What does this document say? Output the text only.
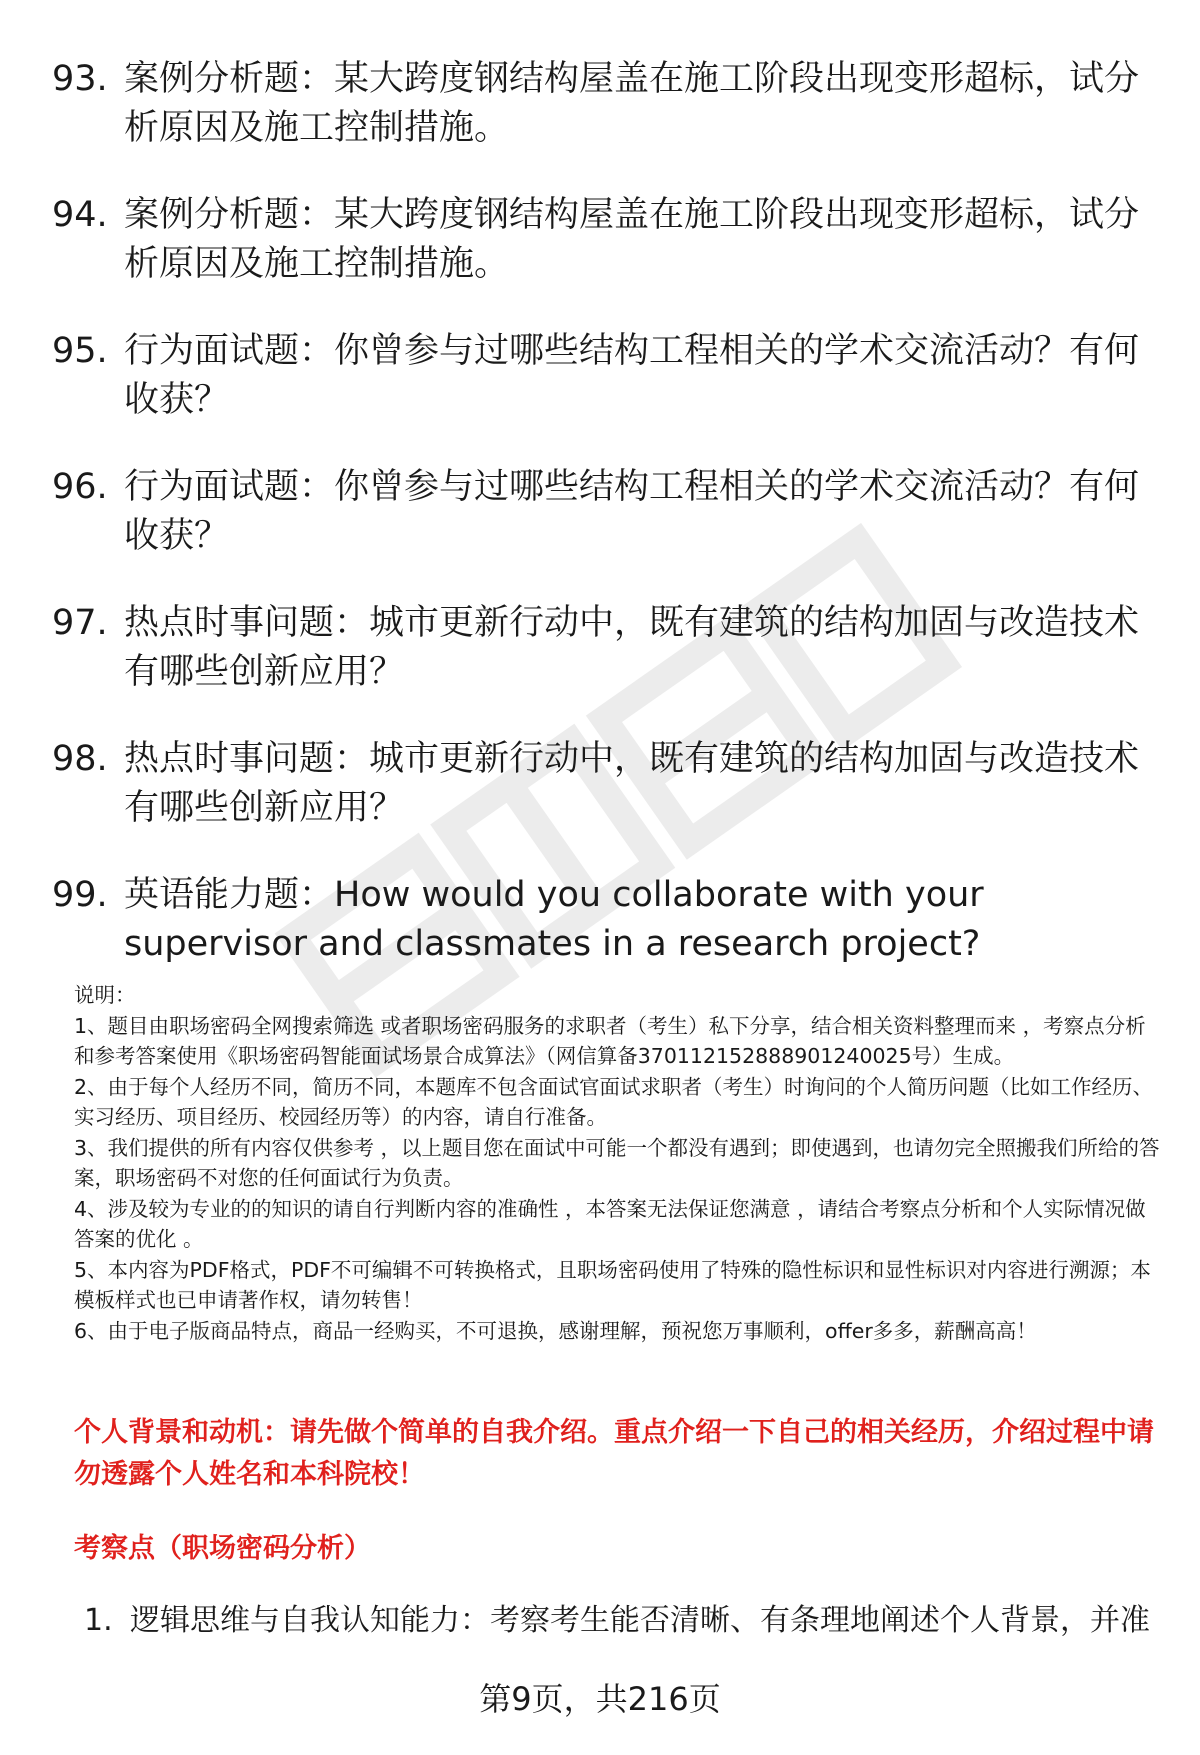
93. 案例分析题：某大跨度钢结构屋盖在施工阶段出现变形超标，试分析原因及施工控制措施。
94. 案例分析题：某大跨度钢结构屋盖在施工阶段出现变形超标，试分析原因及施工控制措施。
95. 行为面试题：你曾参与过哪些结构工程相关的学术交流活动？有何收获？
96. 行为面试题：你曾参与过哪些结构工程相关的学术交流活动？有何收获？
97. 热点时事问题：城市更新行动中，既有建筑的结构加固与改造技术有哪些创新应用？
98. 热点时事问题：城市更新行动中，既有建筑的结构加固与改造技术有哪些创新应用？
99. 英语能力题：How would you collaborate with your supervisor and classmates in a research project?

说明：

1、题目由职场密码全网搜索筛选 或者职场密码服务的求职者（考生）私下分享，结合相关资料整理而来 ，考察点分析和参考答案使用《职场密码智能面试场景合成算法》（网信算备370112152888901240025号）生成。

2、由于每个人经历不同，简历不同，本题库不包含面试官面试求职者（考生）时询问的个人简历问题（比如工作经历、实习经历、项目经历、校园经历等）的内容，请自行准备。

3、我们提供的所有内容仅供参考 ，以上题目您在面试中可能一个都没有遇到；即使遇到，也请勿完全照搬我们所给的答案，职场密码不对您的任何面试行为负责。

4、涉及较为专业的的知识的请自行判断内容的准确性 ，本答案无法保证您满意 ，请结合考察点分析和个人实际情况做答案的优化 。

5、本内容为PDF格式，PDF不可编辑不可转换格式，且职场密码使用了特殊的隐性标识和显性标识对内容进行溯源；本模板样式也已申请著作权，请勿转售！

6、由于电子版商品特点，商品一经购买，不可退换，感谢理解，预祝您万事顺利，offer多多，薪酬高高！

个人背景和动机：请先做个简单的自我介绍。重点介绍一下自己的相关经历，介绍过程中请勿透露个人姓名和本科院校！
考察点（职场密码分析）
1. 逻辑思维与自我认知能力：考察考生能否清晰、有条理地阐述个人背景，并准
第9页，共216页
